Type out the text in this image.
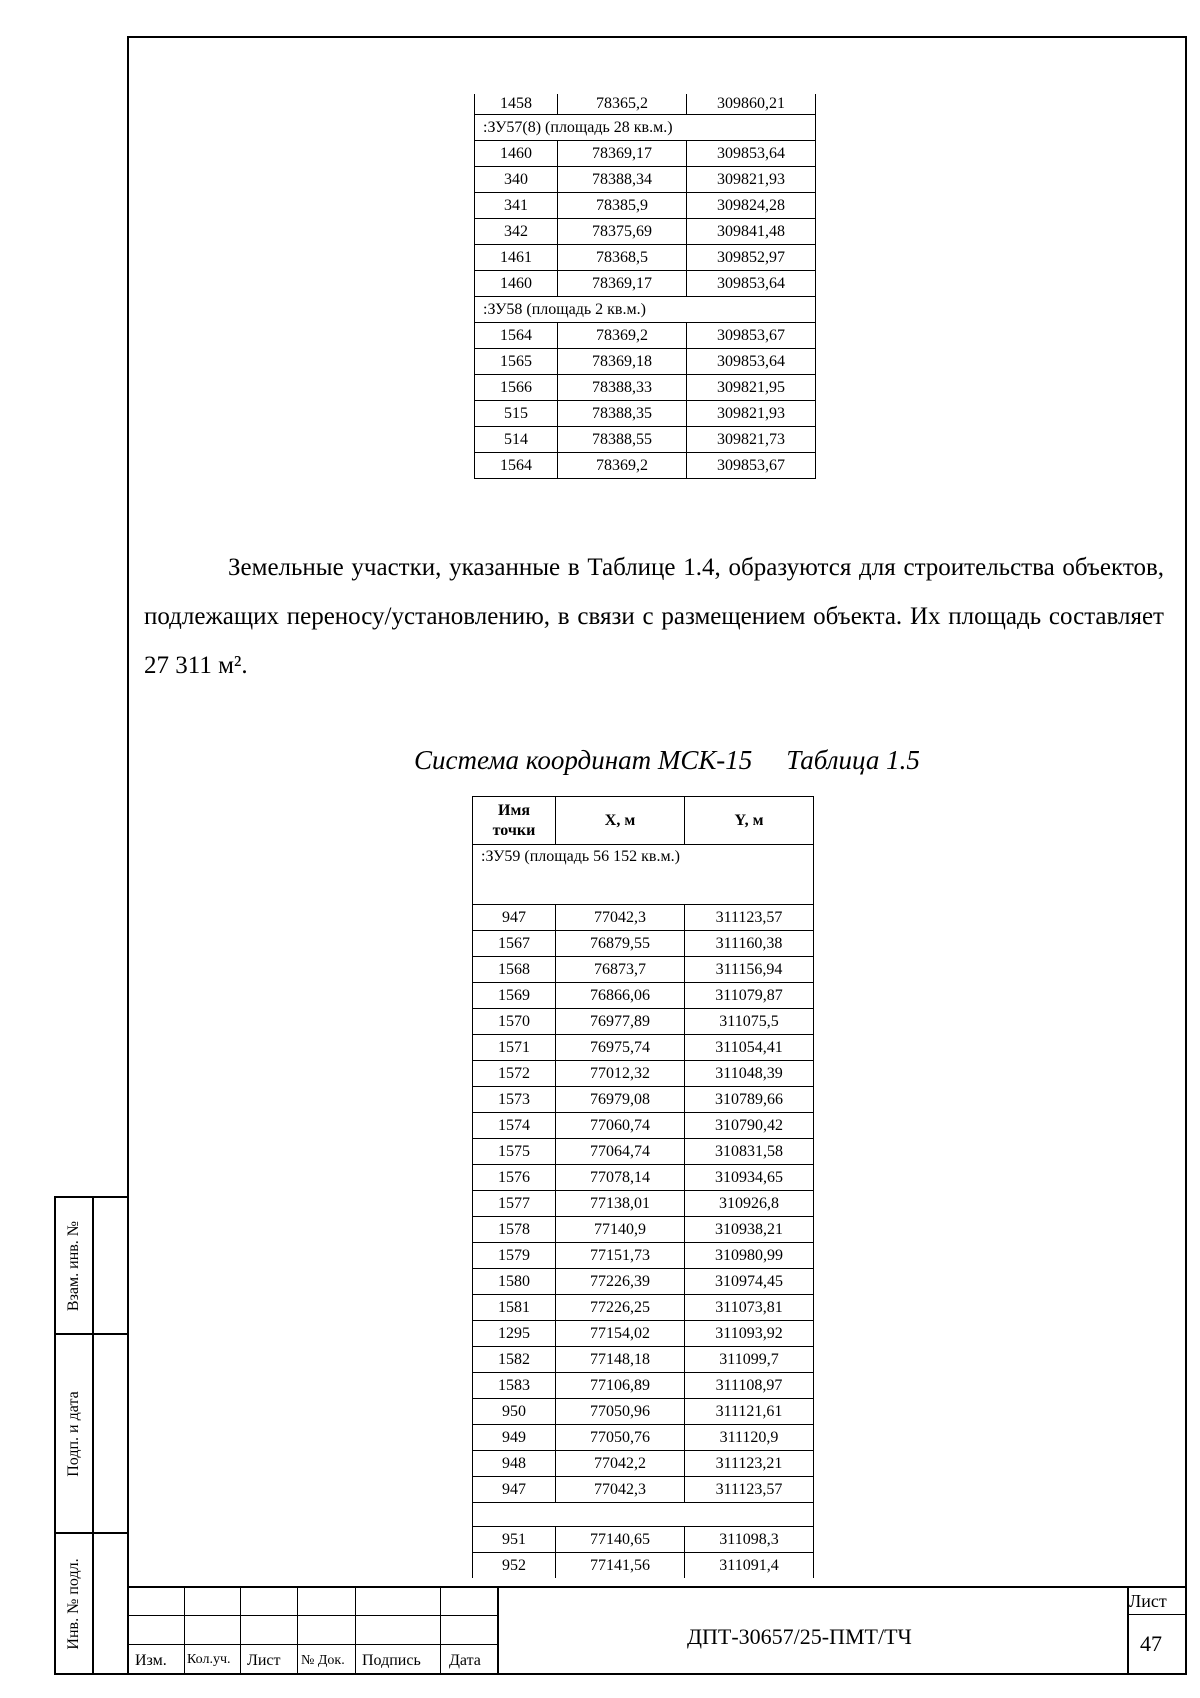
1458	78365,2	309860,21
:ЗУ57(8) (площадь 28 кв.м.)		
1460	78369,17	309853,64
340	78388,34	309821,93
341	78385,9	309824,28
342	78375,69	309841,48
1461	78368,5	309852,97
1460	78369,17	309853,64
:ЗУ58 (площадь 2 кв.м.)		
1564	78369,2	309853,67
1565	78369,18	309853,64
1566	78388,33	309821,95
515	78388,35	309821,93
514	78388,55	309821,73
1564	78369,2	309853,67
Земельные участки, указанные в Таблице 1.4, образуются для строительства объектов, подлежащих переносу/установлению, в связи с размещением объекта. Их площадь составляет 27 311 м².
Система координат МСК-15 Таблица 1.5
Имя точки	X, м	Y, м
:ЗУ59 (площадь 56 152 кв.м.)		
947	77042,3	311123,57
1567	76879,55	311160,38
1568	76873,7	311156,94
1569	76866,06	311079,87
1570	76977,89	311075,5
1571	76975,74	311054,41
1572	77012,32	311048,39
1573	76979,08	310789,66
1574	77060,74	310790,42
1575	77064,74	310831,58
1576	77078,14	310934,65
1577	77138,01	310926,8
1578	77140,9	310938,21
1579	77151,73	310980,99
1580	77226,39	310974,45
1581	77226,25	311073,81
1295	77154,02	311093,92
1582	77148,18	311099,7
1583	77106,89	311108,97
950	77050,96	311121,61
949	77050,76	311120,9
948	77042,2	311123,21
947	77042,3	311123,57

951	77140,65	311098,3
952	77141,56	311091,4
Взам. инв. №
Подп. и дата
Инв. № подл.
Изм. Кол.уч. Лист № Док. Подпись Дата
ДПТ-30657/25-ПМТ/ТЧ
Лист
47
